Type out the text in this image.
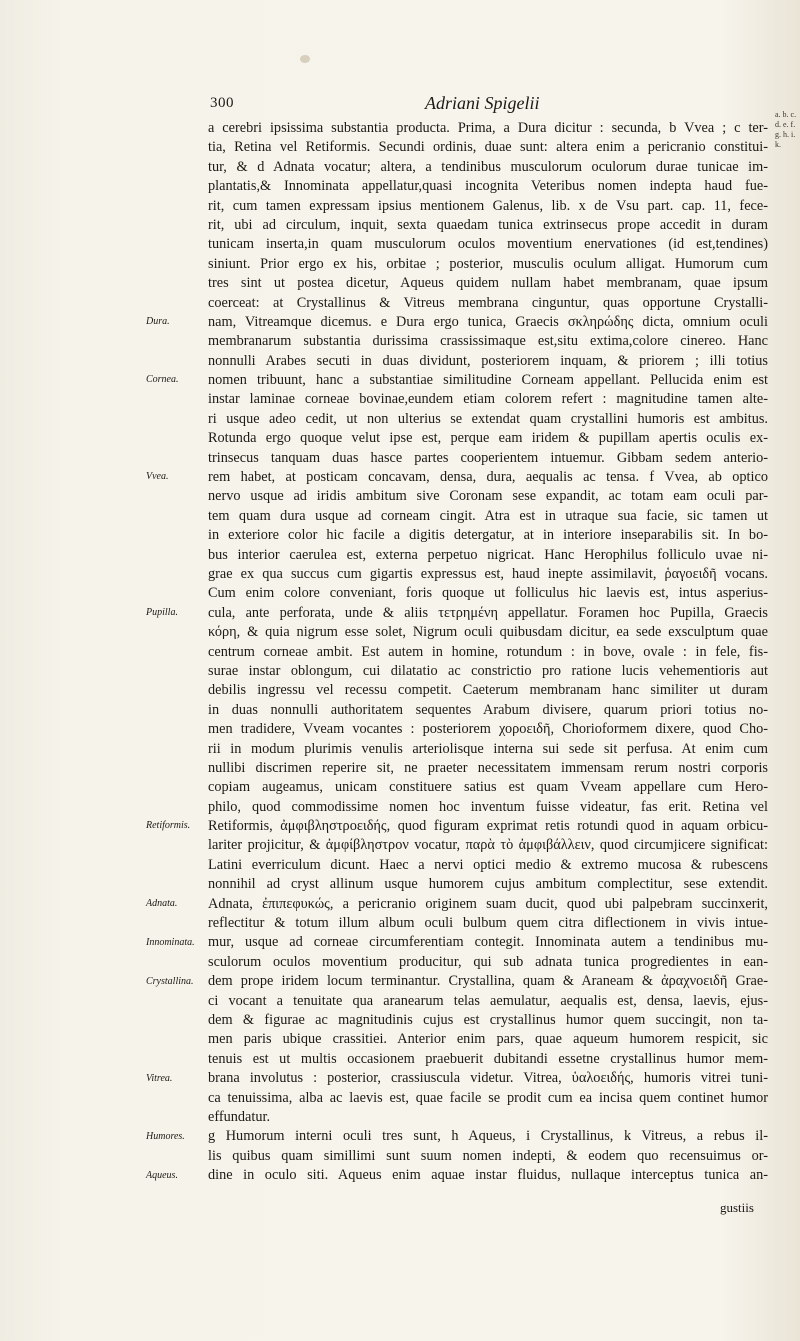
300	Adriani Spigelii
Dura.
Cornea.
Vvea.
Pupilla.
Retiformis.
Adnata.
Innominata.
Crystallina.
Vitrea.
Humores.
Aqueus.
a cerebri ipsissima substantia producta. Prima, a Dura dicitur : secunda, b Vvea ; c ter-
tia, Retina vel Retiformis. Secundi ordinis, duae sunt: altera enim a pericranio constitui-
tur, & d Adnata vocatur; altera, a tendinibus musculorum oculorum durae tunicae im-
plantatis,& Innominata appellatur,quasi incognita Veteribus nomen indepta haud fue-
rit, cum tamen expressam ipsius mentionem Galenus, lib. x de Vsu part. cap. 11, fece-
rit, ubi ad circulum, inquit, sexta quaedam tunica extrinsecus prope accedit in duram
tunicam inserta,in quam musculorum oculos moventium enervationes (id est,tendines)
siniunt. Prior ergo ex his, orbitae ; posterior, musculis oculum alligat. Humorum cum
tres sint ut postea dicetur, Aqueus quidem nullam habet membranam, quae ipsum
coerceat: at Crystallinus & Vitreus membrana cinguntur, quas opportune Crystalli-
nam, Vitreamque dicemus. e Dura ergo tunica, Graecis σκληρώδης dicta, omnium oculi
membranarum substantia durissima crassissimaque est,situ extima,colore cinereo. Hanc
nonnulli Arabes secuti in duas dividunt, posteriorem inquam, & priorem ; illi totius
nomen tribuunt, hanc a substantiae similitudine Corneam appellant. Pellucida enim est
instar laminae corneae bovinae,eundem etiam colorem refert : magnitudine tamen alte-
ri usque adeo cedit, ut non ulterius se extendat quam crystallini humoris est ambitus.
Rotunda ergo quoque velut ipse est, perque eam iridem & pupillam apertis oculis ex-
trinsecus tanquam duas hasce partes cooperientem intuemur. Gibbam sedem anterio-
rem habet, at posticam concavam, densa, dura, aequalis ac tensa. f Vvea, ab optico
nervo usque ad iridis ambitum sive Coronam sese expandit, ac totam eam oculi par-
tem quam dura usque ad corneam cingit. Atra est in utraque sua facie, sic tamen ut
in exteriore color hic facile a digitis detergatur, at in interiore inseparabilis sit. In bo-
bus interior caerulea est, externa perpetuo nigricat. Hanc Herophilus folliculo uvae ni-
grae ex qua succus cum gigartis expressus est, haud inepte assimilavit, ῥαγοειδῆ vocans.
Cum enim colore conveniant, foris quoque ut folliculus hic laevis est, intus asperius-
cula, ante perforata, unde & aliis τετρημένη appellatur. Foramen hoc Pupilla, Graecis
κόρη, & quia nigrum esse solet, Nigrum oculi quibusdam dicitur, ea sede exsculptum quae
centrum corneae ambit. Est autem in homine, rotundum : in bove, ovale : in fele, fis-
surae instar oblongum, cui dilatatio ac constrictio pro ratione lucis vehementioris aut
debilis ingressu vel recessu competit. Caeterum membranam hanc similiter ut duram
in duas nonnulli authoritatem sequentes Arabum divisere, quarum priori totius no-
men tradidere, Vveam vocantes : posteriorem χοροειδῆ, Chorioformem dixere, quod Cho-
rii in modum plurimis venulis arteriolisque interna sui sede sit perfusa. At enim cum
nullibi discrimen reperire sit, ne praeter necessitatem immensam rerum nostri corporis
copiam augeamus, unicam constituere satius est quam Vveam appellare cum Hero-
philo, quod commodissime nomen hoc inventum fuisse videatur, fas erit. Retina vel
Retiformis, ἀμφιβληστροειδής, quod figuram exprimat retis rotundi quod in aquam orbicu-
lariter projicitur, & ἀμφίβληστρον vocatur, παρὰ τὸ ἀμφιβάλλειν, quod circumjicere significat:
Latini everriculum dicunt. Haec a nervi optici medio & extremo mucosa & rubescens
nonnihil ad cryst allinum usque humorem cujus ambitum complectitur, sese extendit.
Adnata, ἐπιπεφυκώς, a pericranio originem suam ducit, quod ubi palpebram succinxerit,
reflectitur & totum illum album oculi bulbum quem citra diflectionem in vivis intue-
mur, usque ad corneae circumferentiam contegit. Innominata autem a tendinibus mu-
sculorum oculos moventium producitur, qui sub adnata tunica progredientes in ean-
dem prope iridem locum terminantur. Crystallina, quam & Araneam & ἀραχνοειδῆ Grae-
ci vocant a tenuitate qua aranearum telas aemulatur, aequalis est, densa, laevis, ejus-
dem & figurae ac magnitudinis cujus est crystallinus humor quem succingit, non ta-
men paris ubique crassitiei. Anterior enim pars, quae aqueum humorem respicit, sic
tenuis est ut multis occasionem praebuerit dubitandi essetne crystallinus humor mem-
brana involutus : posterior, crassiuscula videtur. Vitrea, ὑαλοειδής, humoris vitrei tuni-
ca tenuissima, alba ac laevis est, quae facile se prodit cum ea incisa quem continet humor
effundatur.
g Humorum interni oculi tres sunt, h Aqueus, i Crystallinus, k Vitreus, a rebus il-
lis quibus quam simillimi sunt suum nomen indepti, & eodem quo recensuimus or-
dine in oculo siti. Aqueus enim aquae instar fluidus, nullaque interceptus tunica an-
a. b. c. d. e. f. g. h. i. k.
gustiis
